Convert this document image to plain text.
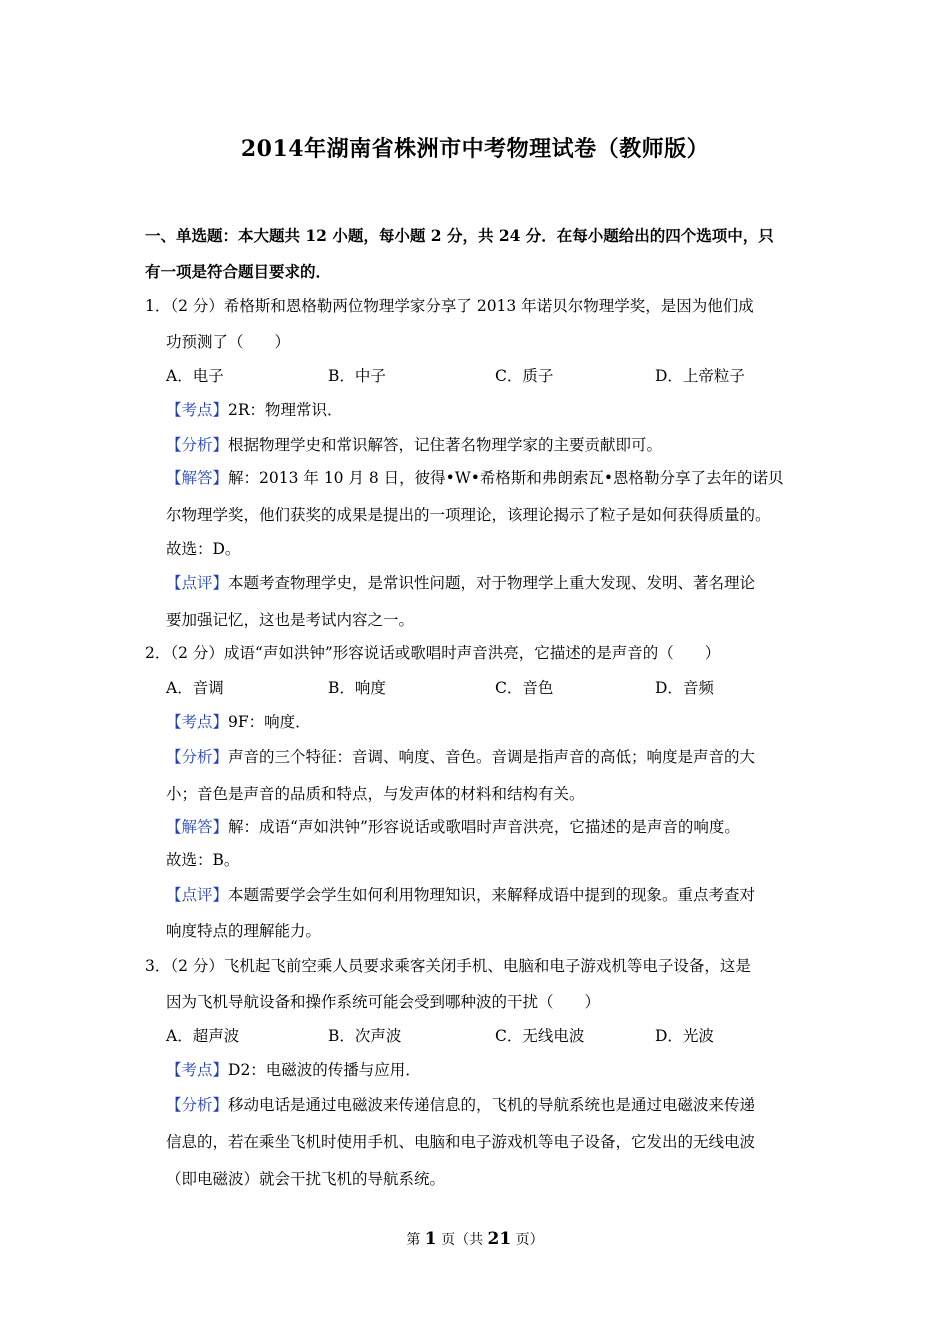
2014年湖南省株洲市中考物理试卷（教师版）
一、单选题：本大题共 12 小题，每小题 2 分，共 24 分．在每小题给出的四个选项中，只
有一项是符合题目要求的．
1．（2 分）希格斯和恩格勒两位物理学家分享了 2013 年诺贝尔物理学奖，是因为他们成
功预测了（　　）
A．电子	B．中子	C．质子	D．上帝粒子
【考点】2R：物理常识．
【分析】根据物理学史和常识解答，记住著名物理学家的主要贡献即可。
【解答】解：2013 年 10 月 8 日，彼得•W•希格斯和弗朗索瓦•恩格勒分享了去年的诺贝
尔物理学奖，他们获奖的成果是提出的一项理论，该理论揭示了粒子是如何获得质量的。
故选：D。
【点评】本题考查物理学史，是常识性问题，对于物理学上重大发现、发明、著名理论
要加强记忆，这也是考试内容之一。
2．（2 分）成语“声如洪钟”形容说话或歌唱时声音洪亮，它描述的是声音的（　　）
A．音调	B．响度	C．音色	D．音频
【考点】9F：响度．
【分析】声音的三个特征：音调、响度、音色。音调是指声音的高低；响度是声音的大
小；音色是声音的品质和特点，与发声体的材料和结构有关。
【解答】解：成语“声如洪钟”形容说话或歌唱时声音洪亮，它描述的是声音的响度。
故选：B。
【点评】本题需要学会学生如何利用物理知识，来解释成语中提到的现象。重点考查对
响度特点的理解能力。
3．（2 分）飞机起飞前空乘人员要求乘客关闭手机、电脑和电子游戏机等电子设备，这是
因为飞机导航设备和操作系统可能会受到哪种波的干扰（　　）
A．超声波	B．次声波	C．无线电波	D．光波
【考点】D2：电磁波的传播与应用．
【分析】移动电话是通过电磁波来传递信息的，飞机的导航系统也是通过电磁波来传递
信息的，若在乘坐飞机时使用手机、电脑和电子游戏机等电子设备，它发出的无线电波
（即电磁波）就会干扰飞机的导航系统。
第 1 页（共 21 页）
